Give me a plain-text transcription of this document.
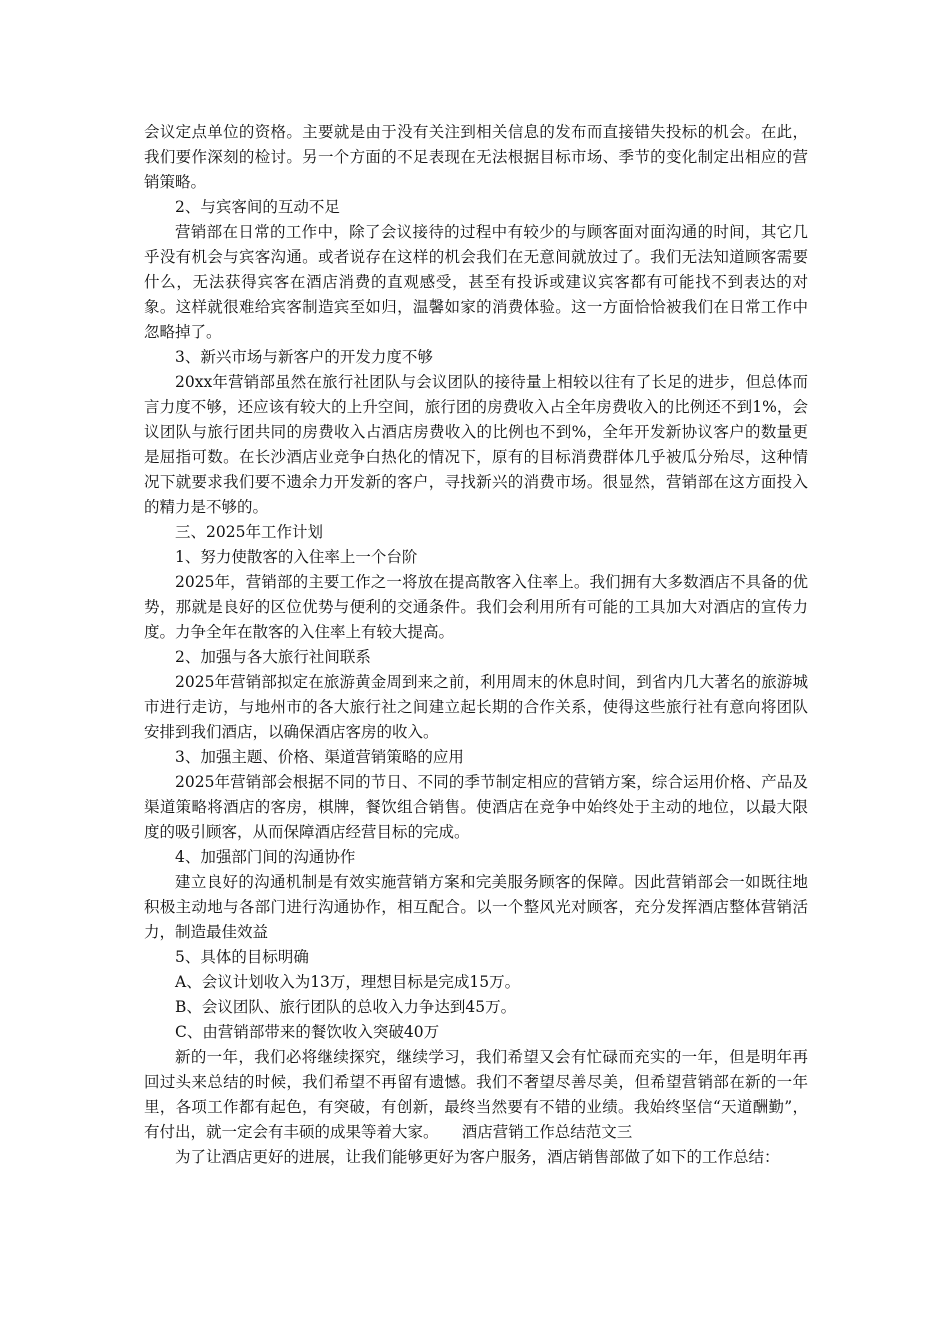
会议定点单位的资格。主要就是由于没有关注到相关信息的发布而直接错失投标的机会。在此，我们要作深刻的检讨。另一个方面的不足表现在无法根据目标市场、季节的变化制定出相应的营销策略。

2、与宾客间的互动不足

营销部在日常的工作中，除了会议接待的过程中有较少的与顾客面对面沟通的时间，其它几乎没有机会与宾客沟通。或者说存在这样的机会我们在无意间就放过了。我们无法知道顾客需要什么，无法获得宾客在酒店消费的直观感受，甚至有投诉或建议宾客都有可能找不到表达的对象。这样就很难给宾客制造宾至如归，温馨如家的消费体验。这一方面恰恰被我们在日常工作中忽略掉了。

3、新兴市场与新客户的开发力度不够

20xx年营销部虽然在旅行社团队与会议团队的接待量上相较以往有了长足的进步，但总体而言力度不够，还应该有较大的上升空间，旅行团的房费收入占全年房费收入的比例还不到1%，会议团队与旅行团共同的房费收入占酒店房费收入的比例也不到%，全年开发新协议客户的数量更是屈指可数。在长沙酒店业竞争白热化的情况下，原有的目标消费群体几乎被瓜分殆尽，这种情况下就要求我们要不遗余力开发新的客户，寻找新兴的消费市场。很显然，营销部在这方面投入的精力是不够的。

三、2025年工作计划

1、努力使散客的入住率上一个台阶

2025年，营销部的主要工作之一将放在提高散客入住率上。我们拥有大多数酒店不具备的优势，那就是良好的区位优势与便利的交通条件。我们会利用所有可能的工具加大对酒店的宣传力度。力争全年在散客的入住率上有较大提高。

2、加强与各大旅行社间联系

2025年营销部拟定在旅游黄金周到来之前，利用周末的休息时间，到省内几大著名的旅游城市进行走访，与地州市的各大旅行社之间建立起长期的合作关系，使得这些旅行社有意向将团队安排到我们酒店，以确保酒店客房的收入。

3、加强主题、价格、渠道营销策略的应用

2025年营销部会根据不同的节日、不同的季节制定相应的营销方案，综合运用价格、产品及渠道策略将酒店的客房，棋牌，餐饮组合销售。使酒店在竞争中始终处于主动的地位，以最大限度的吸引顾客，从而保障酒店经营目标的完成。

4、加强部门间的沟通协作

建立良好的沟通机制是有效实施营销方案和完美服务顾客的保障。因此营销部会一如既往地积极主动地与各部门进行沟通协作，相互配合。以一个整风光对顾客，充分发挥酒店整体营销活力，制造最佳效益

5、具体的目标明确

A、会议计划收入为13万，理想目标是完成15万。

B、会议团队、旅行团队的总收入力争达到45万。

C、由营销部带来的餐饮收入突破40万

新的一年，我们必将继续探究，继续学习，我们希望又会有忙碌而充实的一年，但是明年再回过头来总结的时候，我们希望不再留有遗憾。我们不奢望尽善尽美，但希望营销部在新的一年里，各项工作都有起色，有突破，有创新，最终当然要有不错的业绩。我始终坚信“天道酬勤”，有付出，就一定会有丰硕的成果等着大家。　　酒店营销工作总结范文三

为了让酒店更好的进展，让我们能够更好为客户服务，酒店销售部做了如下的工作总结：
